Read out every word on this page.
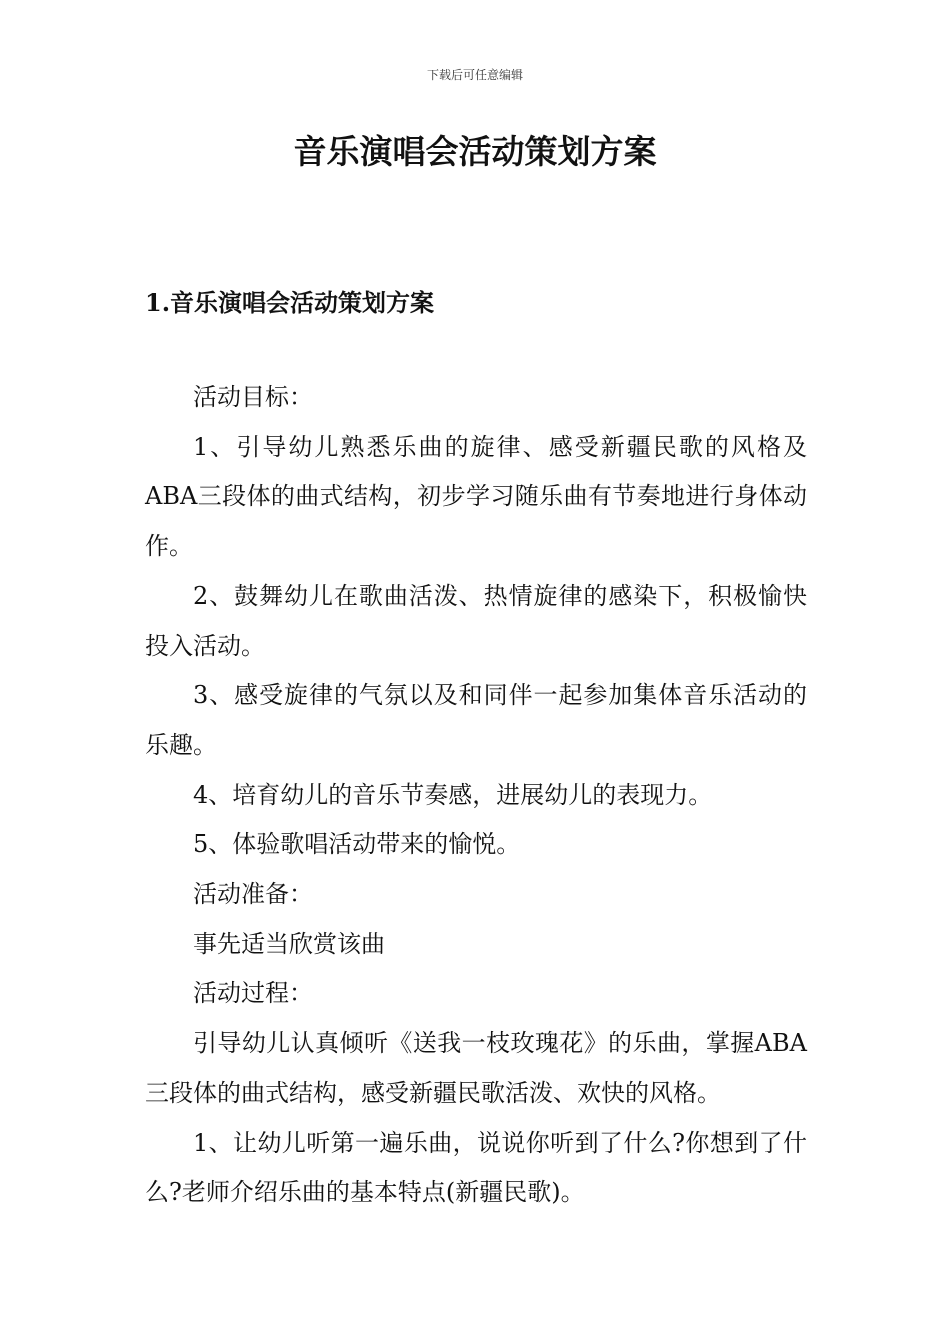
下载后可任意编辑
音乐演唱会活动策划方案
1.音乐演唱会活动策划方案

活动目标：

1、引导幼儿熟悉乐曲的旋律、感受新疆民歌的风格及ABA三段体的曲式结构，初步学习随乐曲有节奏地进行身体动作。

2、鼓舞幼儿在歌曲活泼、热情旋律的感染下，积极愉快投入活动。

3、感受旋律的气氛以及和同伴一起参加集体音乐活动的乐趣。

4、培育幼儿的音乐节奏感，进展幼儿的表现力。

5、体验歌唱活动带来的愉悦。

活动准备：

事先适当欣赏该曲

活动过程：

引导幼儿认真倾听《送我一枝玫瑰花》的乐曲，掌握ABA三段体的曲式结构，感受新疆民歌活泼、欢快的风格。

1、让幼儿听第一遍乐曲，说说你听到了什么?你想到了什么?老师介绍乐曲的基本特点(新疆民歌)。
